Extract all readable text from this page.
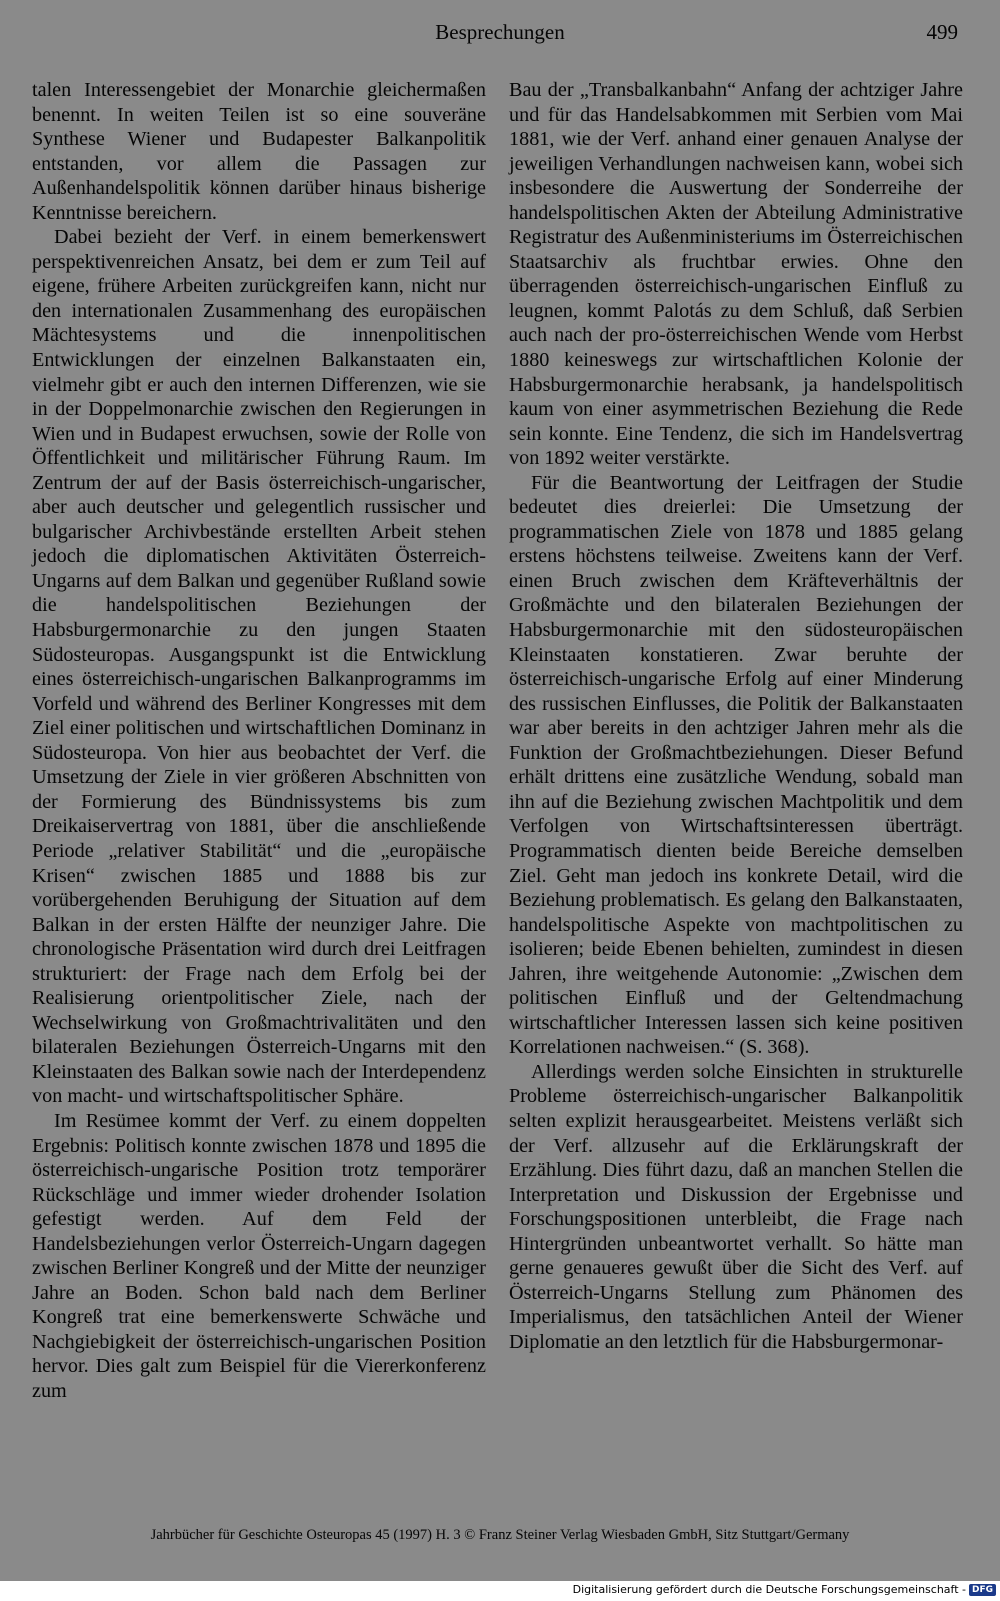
Besprechungen	499

talen Interessengebiet der Monarchie gleichermaßen benennt. In weiten Teilen ist so eine souveräne Synthese Wiener und Budapester Balkanpolitik entstanden, vor allem die Passagen zur Außenhandelspolitik können darüber hinaus bisherige Kenntnisse bereichern.

Dabei bezieht der Verf. in einem bemerkenswert perspektivenreichen Ansatz, bei dem er zum Teil auf eigene, frühere Arbeiten zurückgreifen kann, nicht nur den internationalen Zusammenhang des europäischen Mächtesystems und die innenpolitischen Entwicklungen der einzelnen Balkanstaaten ein, vielmehr gibt er auch den internen Differenzen, wie sie in der Doppelmonarchie zwischen den Regierungen in Wien und in Budapest erwuchsen, sowie der Rolle von Öffentlichkeit und militärischer Führung Raum. Im Zentrum der auf der Basis österreichisch-ungarischer, aber auch deutscher und gelegentlich russischer und bulgarischer Archivbestände erstellten Arbeit stehen jedoch die diplomatischen Aktivitäten Österreich-Ungarns auf dem Balkan und gegenüber Rußland sowie die handelspolitischen Beziehungen der Habsburgermonarchie zu den jungen Staaten Südosteuropas. Ausgangspunkt ist die Entwicklung eines österreichisch-ungarischen Balkanprogramms im Vorfeld und während des Berliner Kongresses mit dem Ziel einer politischen und wirtschaftlichen Dominanz in Südosteuropa. Von hier aus beobachtet der Verf. die Umsetzung der Ziele in vier größeren Abschnitten von der Formierung des Bündnissystems bis zum Dreikaiservertrag von 1881, über die anschließende Periode „relativer Stabilität“ und die „europäische Krisen“ zwischen 1885 und 1888 bis zur vorübergehenden Beruhigung der Situation auf dem Balkan in der ersten Hälfte der neunziger Jahre. Die chronologische Präsentation wird durch drei Leitfragen strukturiert: der Frage nach dem Erfolg bei der Realisierung orientpolitischer Ziele, nach der Wechselwirkung von Großmachtrivalitäten und den bilateralen Beziehungen Österreich-Ungarns mit den Kleinstaaten des Balkan sowie nach der Interdependenz von macht- und wirtschaftspolitischer Sphäre.

Im Resümee kommt der Verf. zu einem doppelten Ergebnis: Politisch konnte zwischen 1878 und 1895 die österreichisch-ungarische Position trotz temporärer Rückschläge und immer wieder drohender Isolation gefestigt werden. Auf dem Feld der Handelsbeziehungen verlor Österreich-Ungarn dagegen zwischen Berliner Kongreß und der Mitte der neunziger Jahre an Boden. Schon bald nach dem Berliner Kongreß trat eine bemerkenswerte Schwäche und Nachgiebigkeit der österreichisch-ungarischen Position hervor. Dies galt zum Beispiel für die Viererkonferenz zum

Bau der „Transbalkanbahn“ Anfang der achtziger Jahre und für das Handelsabkommen mit Serbien vom Mai 1881, wie der Verf. anhand einer genauen Analyse der jeweiligen Verhandlungen nachweisen kann, wobei sich insbesondere die Auswertung der Sonderreihe der handelspolitischen Akten der Abteilung Administrative Registratur des Außenministeriums im Österreichischen Staatsarchiv als fruchtbar erwies. Ohne den überragenden österreichisch-ungarischen Einfluß zu leugnen, kommt Palotás zu dem Schluß, daß Serbien auch nach der pro-österreichischen Wende vom Herbst 1880 keineswegs zur wirtschaftlichen Kolonie der Habsburgermonarchie herabsank, ja handelspolitisch kaum von einer asymmetrischen Beziehung die Rede sein konnte. Eine Tendenz, die sich im Handelsvertrag von 1892 weiter verstärkte.

Für die Beantwortung der Leitfragen der Studie bedeutet dies dreierlei: Die Umsetzung der programmatischen Ziele von 1878 und 1885 gelang erstens höchstens teilweise. Zweitens kann der Verf. einen Bruch zwischen dem Kräfteverhältnis der Großmächte und den bilateralen Beziehungen der Habsburgermonarchie mit den südosteuropäischen Kleinstaaten konstatieren. Zwar beruhte der österreichisch-ungarische Erfolg auf einer Minderung des russischen Einflusses, die Politik der Balkanstaaten war aber bereits in den achtziger Jahren mehr als die Funktion der Großmachtbeziehungen. Dieser Befund erhält drittens eine zusätzliche Wendung, sobald man ihn auf die Beziehung zwischen Machtpolitik und dem Verfolgen von Wirtschaftsinteressen überträgt. Programmatisch dienten beide Bereiche demselben Ziel. Geht man jedoch ins konkrete Detail, wird die Beziehung problematisch. Es gelang den Balkanstaaten, handelspolitische Aspekte von machtpolitischen zu isolieren; beide Ebenen behielten, zumindest in diesen Jahren, ihre weitgehende Autonomie: „Zwischen dem politischen Einfluß und der Geltendmachung wirtschaftlicher Interessen lassen sich keine positiven Korrelationen nachweisen.“ (S. 368).

Allerdings werden solche Einsichten in strukturelle Probleme österreichisch-ungarischer Balkanpolitik selten explizit herausgearbeitet. Meistens verläßt sich der Verf. allzusehr auf die Erklärungskraft der Erzählung. Dies führt dazu, daß an manchen Stellen die Interpretation und Diskussion der Ergebnisse und Forschungspositionen unterbleibt, die Frage nach Hintergründen unbeantwortet verhallt. So hätte man gerne genaueres gewußt über die Sicht des Verf. auf Österreich-Ungarns Stellung zum Phänomen des Imperialismus, den tatsächlichen Anteil der Wiener Diplomatie an den letztlich für die Habsburgermonar-

Jahrbücher für Geschichte Osteuropas 45 (1997) H. 3 © Franz Steiner Verlag Wiesbaden GmbH, Sitz Stuttgart/Germany
Digitalisierung gefördert durch die Deutsche Forschungsgemeinschaft - DFG
